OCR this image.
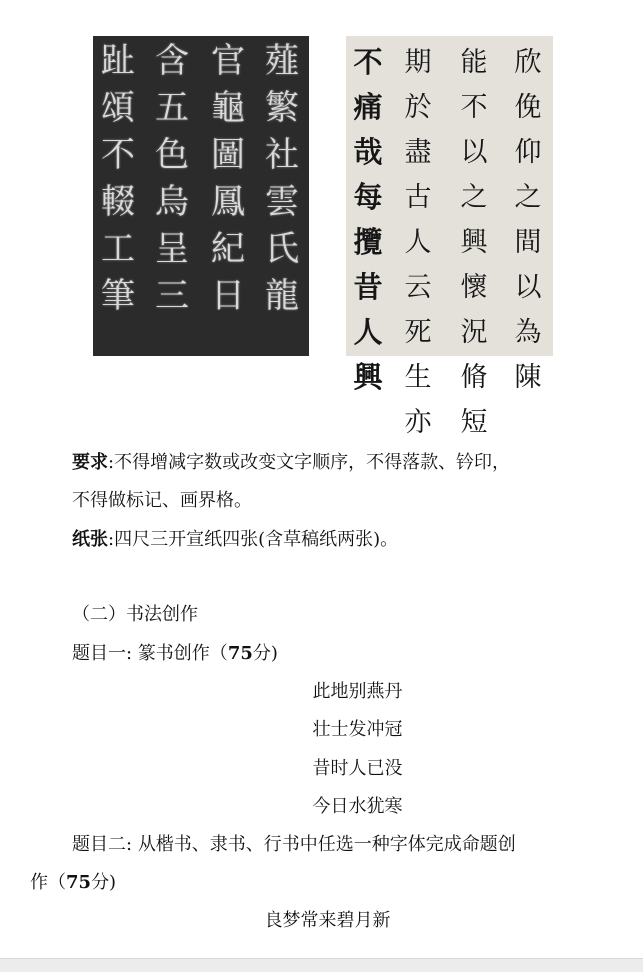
趾
頌
不
輟
工
筆
含
五
色
烏
呈
三
官
龜
圖
鳳
紀
日
薤
繁
社
雲
氏
龍
不
痛
哉
每
攬
昔
人
興
期
於
盡
古
人
云
死
生
亦
能
不
以
之
興
懷
況
脩
短
欣
俛
仰
之
間
以
為
陳
要求:不得增减字数或改变文字顺序，不得落款、钤印，
不得做标记、画界格。
纸张:四尺三开宣纸四张(含草稿纸两张)。
（二）书法创作
题目一: 篆书创作（75分)
此地别燕丹
壮士发冲冠
昔时人已没
今日水犹寒
题目二: 从楷书、隶书、行书中任选一种字体完成命题创
作（75分)
良梦常来碧月新
